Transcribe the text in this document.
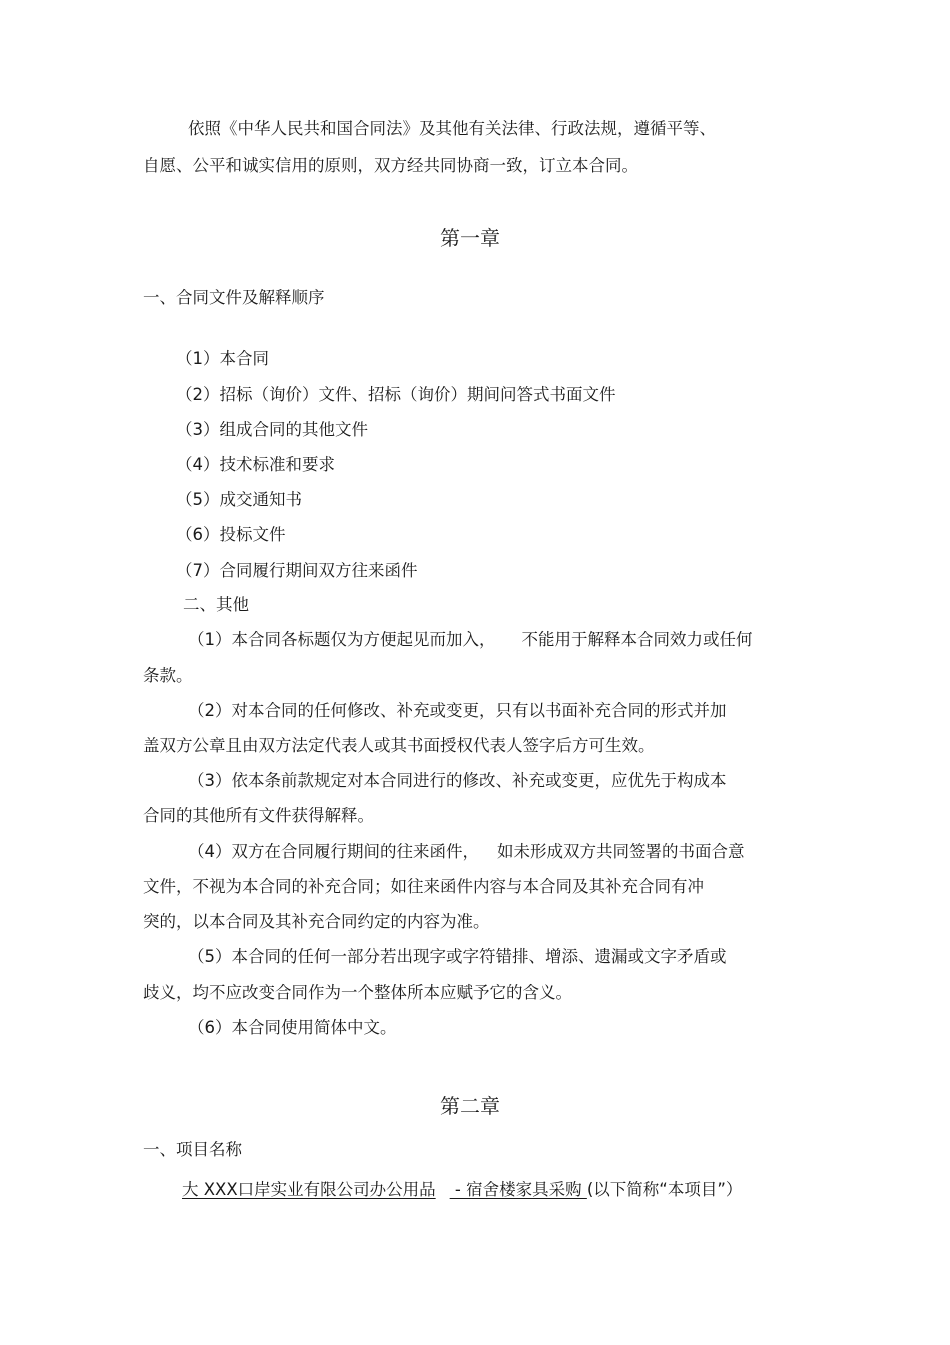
依照《中华人民共和国合同法》及其他有关法律、行政法规，遵循平等、
自愿、公平和诚实信用的原则，双方经共同协商一致，订立本合同。
第一章
一、合同文件及解释顺序
（1）本合同
（2）招标（询价）文件、招标（询价）期间问答式书面文件
（3）组成合同的其他文件
（4）技术标准和要求
（5）成交通知书
（6）投标文件
（7）合同履行期间双方往来函件
二、其他
（1）本合同各标题仅为方便起见而加入， 不能用于解释本合同效力或任何
条款。
（2）对本合同的任何修改、补充或变更，只有以书面补充合同的形式并加
盖双方公章且由双方法定代表人或其书面授权代表人签字后方可生效。
（3）依本条前款规定对本合同进行的修改、补充或变更，应优先于构成本
合同的其他所有文件获得解释。
（4）双方在合同履行期间的往来函件， 如未形成双方共同签署的书面合意
文件，不视为本合同的补充合同；如往来函件内容与本合同及其补充合同有冲
突的，以本合同及其补充合同约定的内容为准。
（5）本合同的任何一部分若出现字或字符错排、增添、遗漏或文字矛盾或
歧义，均不应改变合同作为一个整体所本应赋予它的含义。
（6）本合同使用简体中文。
第二章
一、项目名称
大 XXX口岸实业有限公司办公用品 - 宿舍楼家具采购 (以下简称“本项目”）
